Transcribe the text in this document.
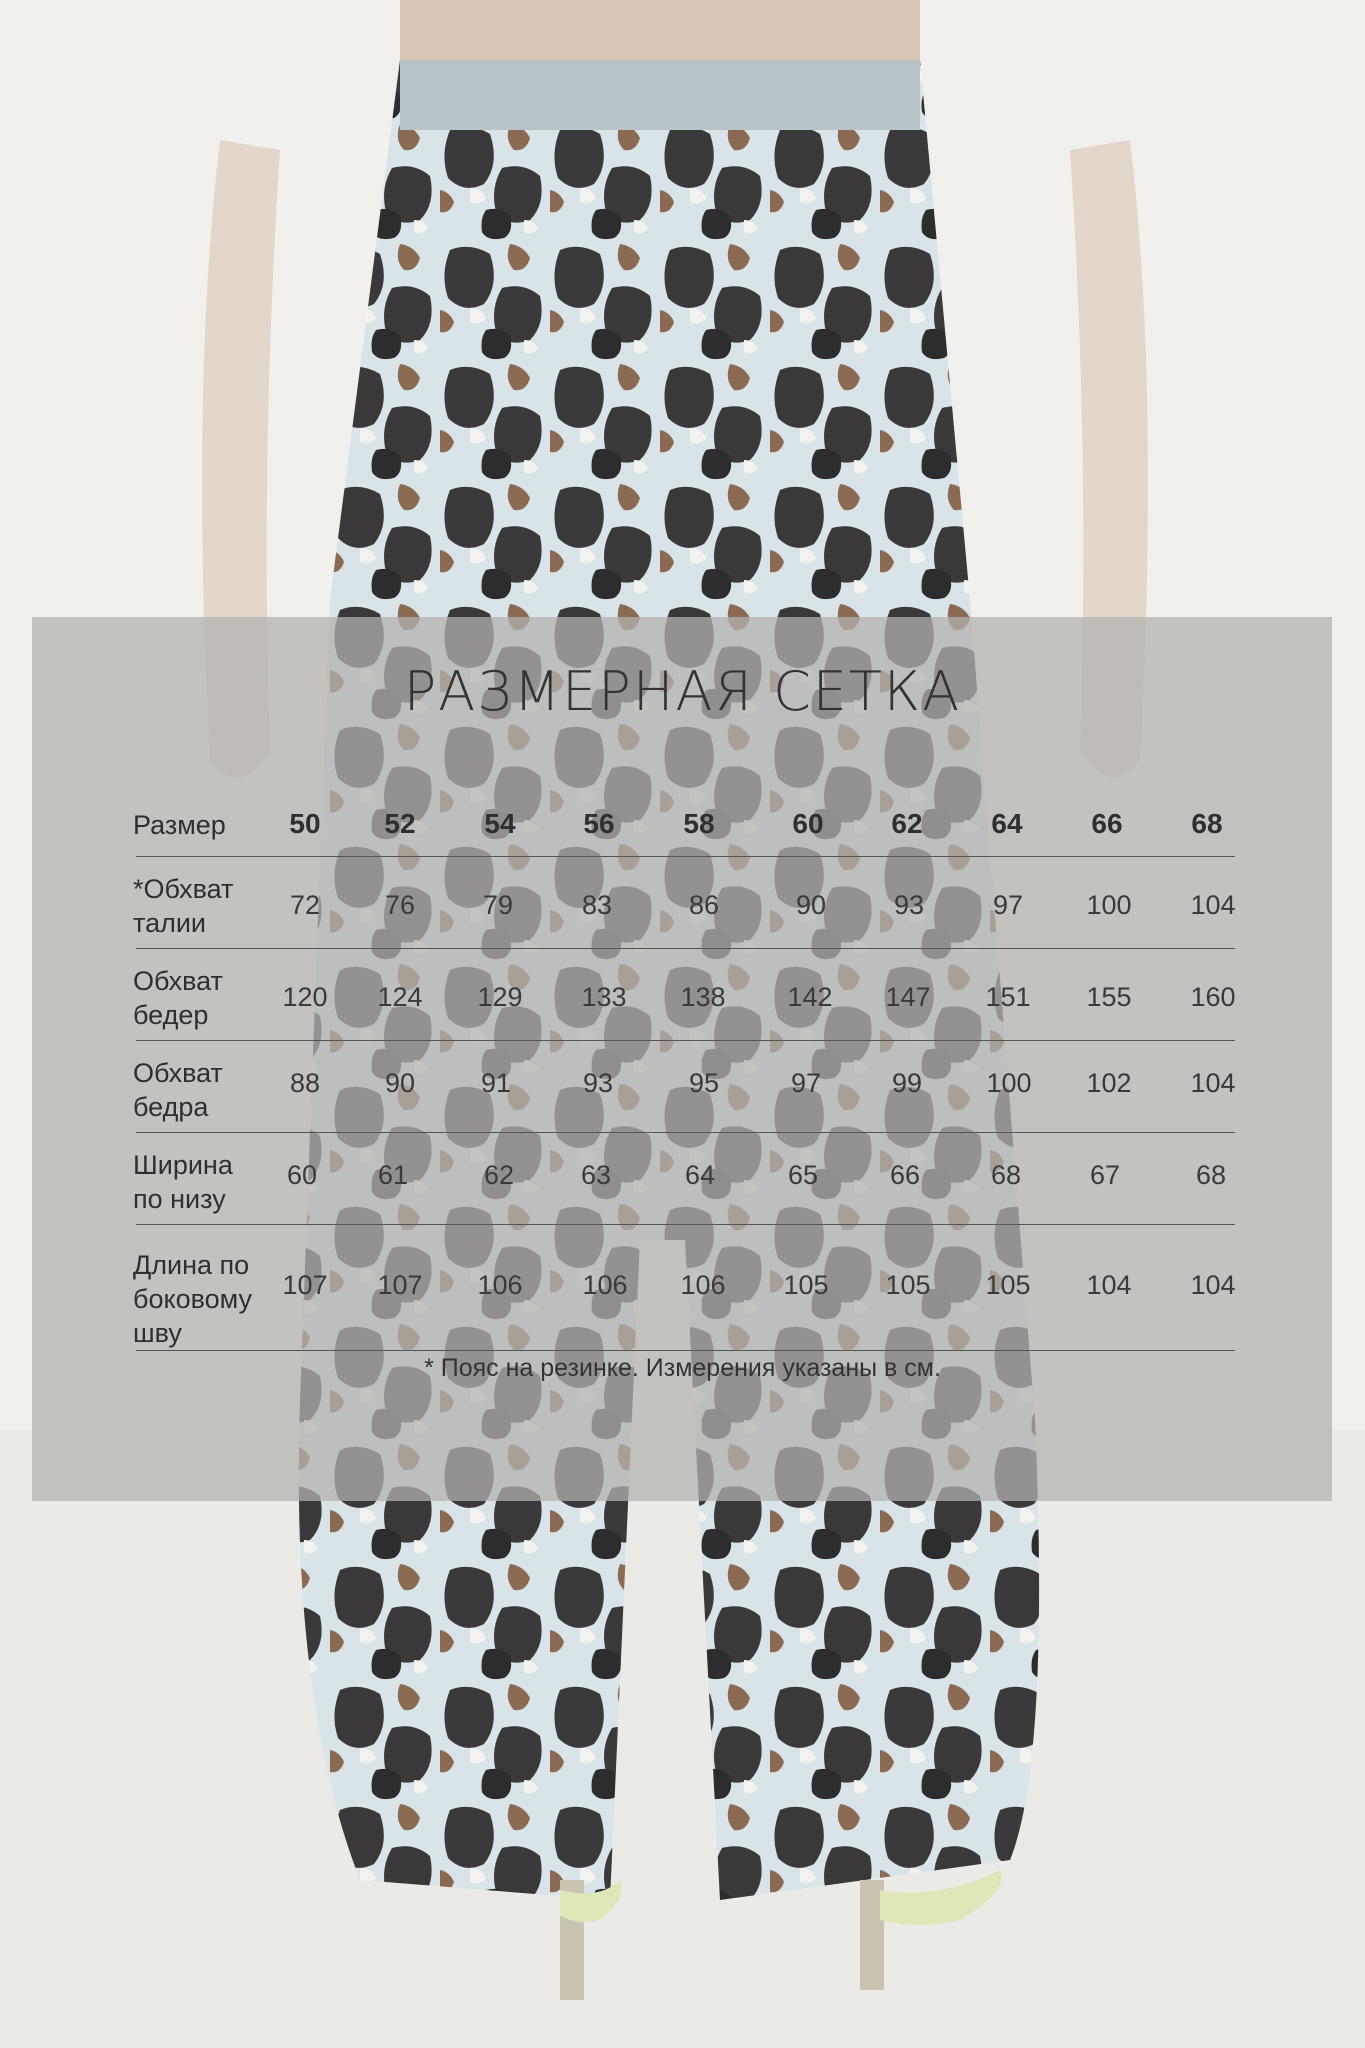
РАЗМЕРНАЯ СЕТКА
Размер 50 52 54 56 58	60 62 64 66 68
*Обхват
талии
72 76	79	83	86	90	93	97 100 104
Обхват
бедер
120 124 129 133 138 142 147 151 155 160
Обхват
бедра
88 90 91	93	95	97	99 100 102 104
Ширина
по низу
60 61	62 63	64	65	66	68	67	68
Длина по
боковому
шву
107 107 106 106 106 105 105 105 104 104
* Пояс на резинке. Измерения указаны в см.
